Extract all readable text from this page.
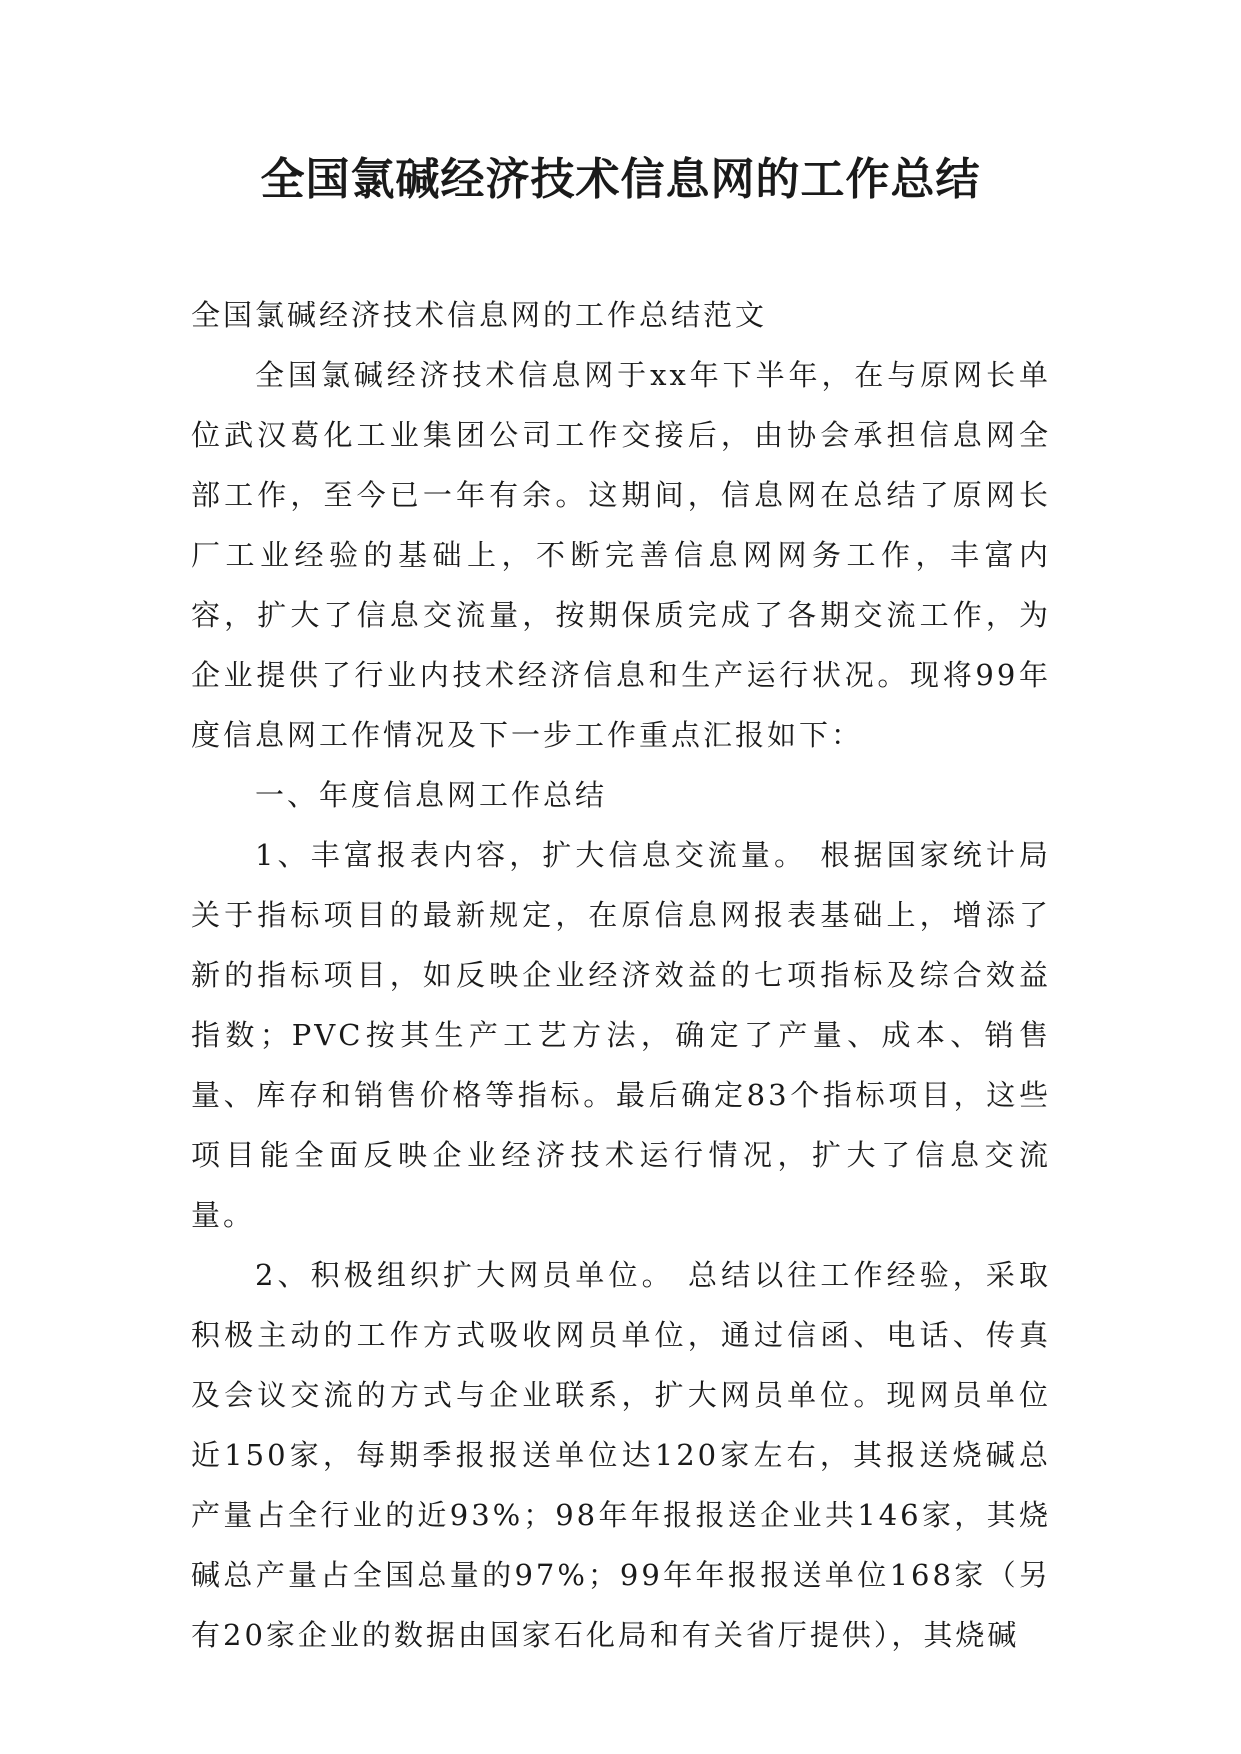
全国氯碱经济技术信息网的工作总结

全国氯碱经济技术信息网的工作总结范文

全国氯碱经济技术信息网于xx年下半年，在与原网长单位武汉葛化工业集团公司工作交接后，由协会承担信息网全部工作，至今已一年有余。这期间，信息网在总结了原网长厂工业经验的基础上，不断完善信息网网务工作，丰富内容，扩大了信息交流量，按期保质完成了各期交流工作，为企业提供了行业内技术经济信息和生产运行状况。现将99年度信息网工作情况及下一步工作重点汇报如下：

一、年度信息网工作总结

1、丰富报表内容，扩大信息交流量。 根据国家统计局关于指标项目的最新规定，在原信息网报表基础上，增添了新的指标项目，如反映企业经济效益的七项指标及综合效益指数；PVC按其生产工艺方法，确定了产量、成本、销售量、库存和销售价格等指标。最后确定83个指标项目，这些项目能全面反映企业经济技术运行情况，扩大了信息交流量。

2、积极组织扩大网员单位。 总结以往工作经验，采取积极主动的工作方式吸收网员单位，通过信函、电话、传真及会议交流的方式与企业联系，扩大网员单位。现网员单位近150家，每期季报报送单位达120家左右，其报送烧碱总产量占全行业的近93%；98年年报报送企业共146家，其烧碱总产量占全国总量的97%；99年年报报送单位168家（另有20家企业的数据由国家石化局和有关省厅提供），其烧碱
